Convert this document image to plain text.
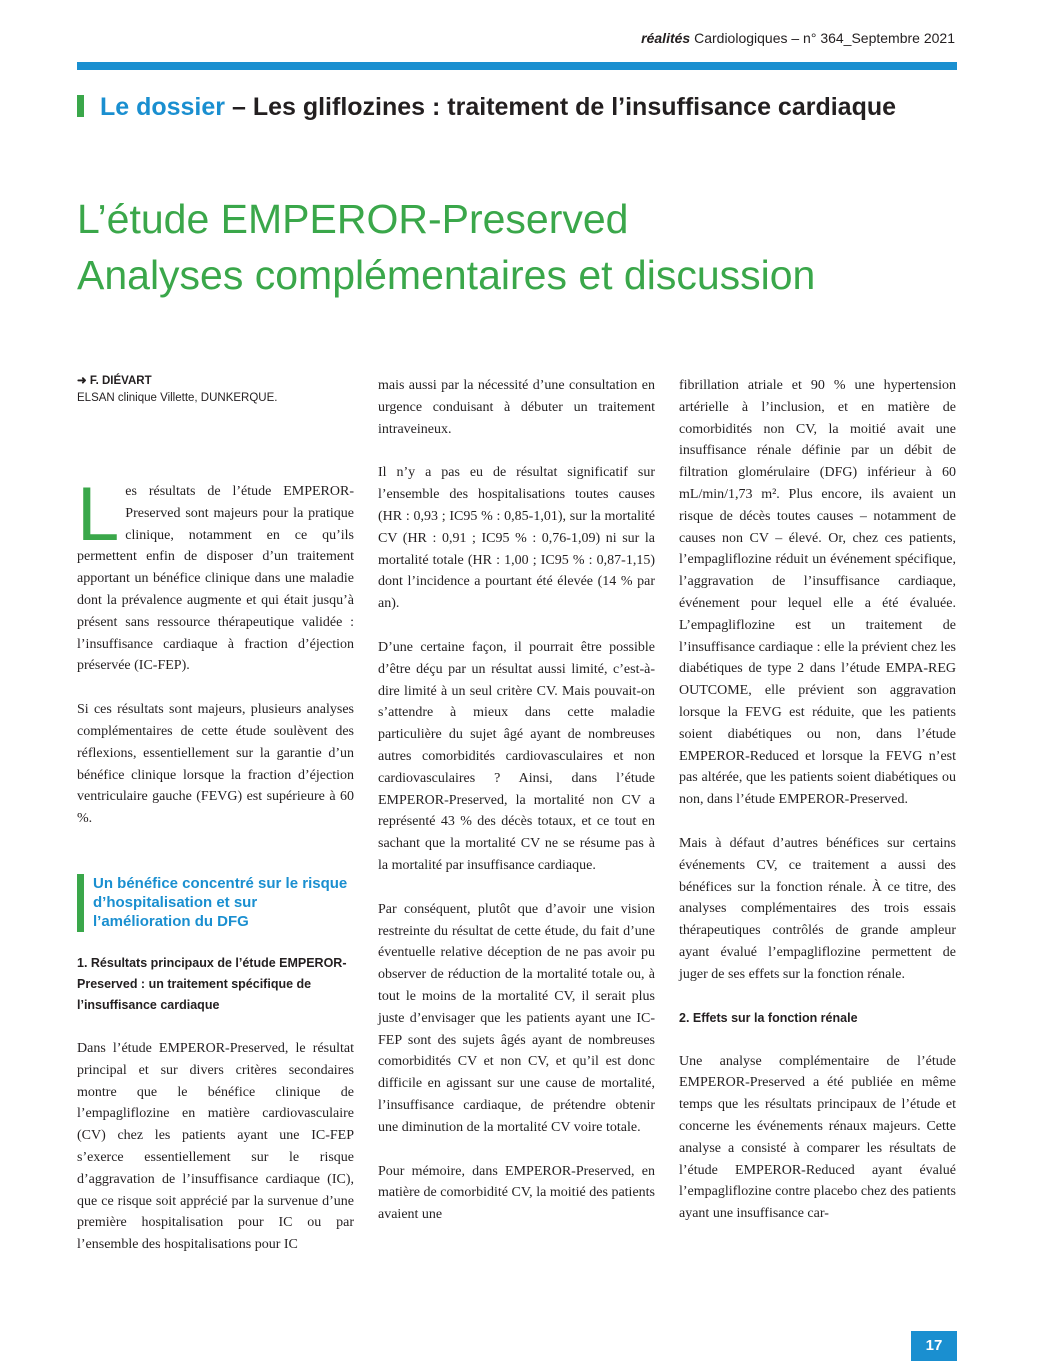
réalités Cardiologiques – n° 364_Septembre 2021
Le dossier – Les gliflozines : traitement de l’insuffisance cardiaque
L’étude EMPEROR-Preserved
Analyses complémentaires et discussion
➜ F. DIÉVART
ELSAN clinique Villette, DUNKERQUE.

Les résultats de l’étude EMPEROR-Preserved sont majeurs pour la pratique clinique, notamment en ce qu’ils permettent enfin de disposer d’un traitement apportant un bénéfice clinique dans une maladie dont la prévalence augmente et qui était jusqu’à présent sans ressource thérapeutique validée : l’insuffisance cardiaque à fraction d’éjection préservée (IC-FEP).

Si ces résultats sont majeurs, plusieurs analyses complémentaires de cette étude soulèvent des réflexions, essentiellement sur la garantie d’un bénéfice clinique lorsque la fraction d’éjection ventriculaire gauche (FEVG) est supérieure à 60 %.

Un bénéfice concentré sur le risque d’hospitalisation et sur l’amélioration du DFG

1. Résultats principaux de l’étude EMPEROR-Preserved : un traitement spécifique de l’insuffisance cardiaque

Dans l’étude EMPEROR-Preserved, le résultat principal et sur divers critères secondaires montre que le bénéfice clinique de l’empagliflozine en matière cardiovasculaire (CV) chez les patients ayant une IC-FEP s’exerce essentiellement sur le risque d’aggravation de l’insuffisance cardiaque (IC), que ce risque soit apprécié par la survenue d’une première hospitalisation pour IC ou par l’ensemble des hospitalisations pour IC

mais aussi par la nécessité d’une consultation en urgence conduisant à débuter un traitement intraveineux.

Il n’y a pas eu de résultat significatif sur l’ensemble des hospitalisations toutes causes (HR : 0,93 ; IC95 % : 0,85-1,01), sur la mortalité CV (HR : 0,91 ; IC95 % : 0,76-1,09) ni sur la mortalité totale (HR : 1,00 ; IC95 % : 0,87-1,15) dont l’incidence a pourtant été élevée (14 % par an).

D’une certaine façon, il pourrait être possible d’être déçu par un résultat aussi limité, c’est-à-dire limité à un seul critère CV. Mais pouvait-on s’attendre à mieux dans cette maladie particulière du sujet âgé ayant de nombreuses autres comorbidités cardiovasculaires et non cardiovasculaires ? Ainsi, dans l’étude EMPEROR-Preserved, la mortalité non CV a représenté 43 % des décès totaux, et ce tout en sachant que la mortalité CV ne se résume pas à la mortalité par insuffisance cardiaque.

Par conséquent, plutôt que d’avoir une vision restreinte du résultat de cette étude, du fait d’une éventuelle relative déception de ne pas avoir pu observer de réduction de la mortalité totale ou, à tout le moins de la mortalité CV, il serait plus juste d’envisager que les patients ayant une IC-FEP sont des sujets âgés ayant de nombreuses comorbidités CV et non CV, et qu’il est donc difficile en agissant sur une cause de mortalité, l’insuffisance cardiaque, de prétendre obtenir une diminution de la mortalité CV voire totale.

Pour mémoire, dans EMPEROR-Preserved, en matière de comorbidité CV, la moitié des patients avaient une

fibrillation atriale et 90 % une hypertension artérielle à l’inclusion, et en matière de comorbidités non CV, la moitié avait une insuffisance rénale définie par un débit de filtration glomérulaire (DFG) inférieur à 60 mL/min/1,73 m². Plus encore, ils avaient un risque de décès toutes causes – notamment de causes non CV – élevé. Or, chez ces patients, l’empagliflozine réduit un événement spécifique, l’aggravation de l’insuffisance cardiaque, événement pour lequel elle a été évaluée. L’empagliflozine est un traitement de l’insuffisance cardiaque : elle la prévient chez les diabétiques de type 2 dans l’étude EMPA-REG OUTCOME, elle prévient son aggravation lorsque la FEVG est réduite, que les patients soient diabétiques ou non, dans l’étude EMPEROR-Reduced et lorsque la FEVG n’est pas altérée, que les patients soient diabétiques ou non, dans l’étude EMPEROR-Preserved.

Mais à défaut d’autres bénéfices sur certains événements CV, ce traitement a aussi des bénéfices sur la fonction rénale. À ce titre, des analyses complémentaires des trois essais thérapeutiques contrôlés de grande ampleur ayant évalué l’empagliflozine permettent de juger de ses effets sur la fonction rénale.

2. Effets sur la fonction rénale

Une analyse complémentaire de l’étude EMPEROR-Preserved a été publiée en même temps que les résultats principaux de l’étude et concerne les événements rénaux majeurs. Cette analyse a consisté à comparer les résultats de l’étude EMPEROR-Reduced ayant évalué l’empagliflozine contre placebo chez des patients ayant une insuffisance car-

17
